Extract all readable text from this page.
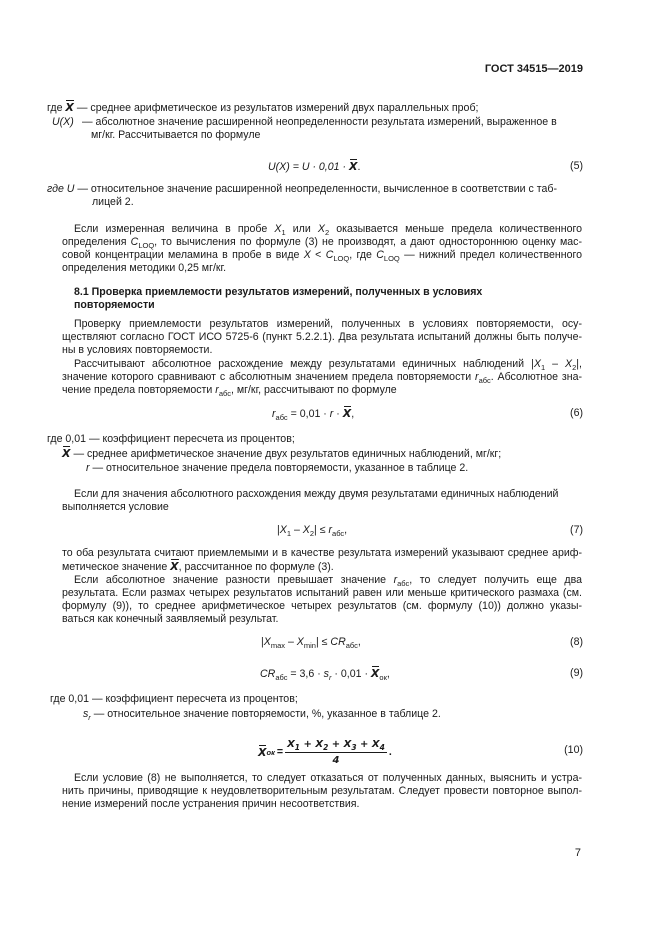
ГОСТ 34515—2019
где X — среднее арифметическое из результатов измерений двух параллельных проб;
U(X) — абсолютное значение расширенной неопределенности результата измерений, выраженное в
мг/кг. Рассчитывается по формуле
U(X) = U · 0,01 · X.	(5)
где U — относительное значение расширенной неопределенности, вычисленное в соответствии с таб-
лицей 2.
Если измеренная величина в пробе $X_1$ или $X_2$ оказывается меньше предела количественного определения $C_{LOQ}$, то вычисления по формуле (3) не производят, а дают одностороннюю оценку мас- совой концентрации меламина в пробе в виде $X < C_{LOQ}$, где $C_{LOQ}$ — нижний предел количественного определения методики 0,25 мг/кг.
8.1 Проверка приемлемости результатов измерений, полученных в условиях
повторяемости
Проверку приемлемости результатов измерений, полученных в условиях повторяемости, осу- ществляют согласно ГОСТ ИСО 5725-6 (пункт 5.2.2.1). Два результата испытаний должны быть получе- ны в условиях повторяемости.
Рассчитывают абсолютное расхождение между результатами единичных наблюдений $|X_1 - X_2|$, значение которого сравнивают с абсолютным значением предела повторяемости $r_{абс}$. Абсолютное зна- чение предела повторяемости $r_{абс}$, мг/кг, рассчитывают по формуле
$r_{абс} = 0,01 \cdot r \cdot X$,	(6)
где 0,01 — коэффициент пересчета из процентов;
X — среднее арифметическое значение двух результатов единичных наблюдений, мг/кг;
r — относительное значение предела повторяемости, указанное в таблице 2.
Если для значения абсолютного расхождения между двумя результатами единичных наблюдений
выполняется условие
$|X_1 - X_2| \le r_{абс}$,	(7)
то оба результата считают приемлемыми и в качестве результата измерений указывают среднее ариф- метическое значение X, рассчитанное по формуле (3).
Если абсолютное значение разности превышает значение $r_{абс}$, то следует получить еще два результата. Если размах четырех результатов испытаний равен или меньше критического размаха (см. формулу (9)), то среднее арифметическое четырех результатов (см. формулу (10)) должно указы- ваться как конечный заявляемый результат.
$|X_{max} - X_{min}| \le CR_{абс}$,	(8)
$CR_{абс} = 3,6 \cdot s_r \cdot 0,01 \cdot X_{ок}$,	(9)
где 0,01 — коэффициент пересчета из процентов;
$s_r$ — относительное значение повторяемости, %, указанное в таблице 2.
X ок = $\frac{X_1 + X_2 + X_3 + X_4}{4}$ .	(10)
Если условие (8) не выполняется, то следует отказаться от полученных данных, выяснить и устра- нить причины, приводящие к неудовлетворительным результатам. Следует провести повторное выпол- нение измерений после устранения причин несоответствия.
7
